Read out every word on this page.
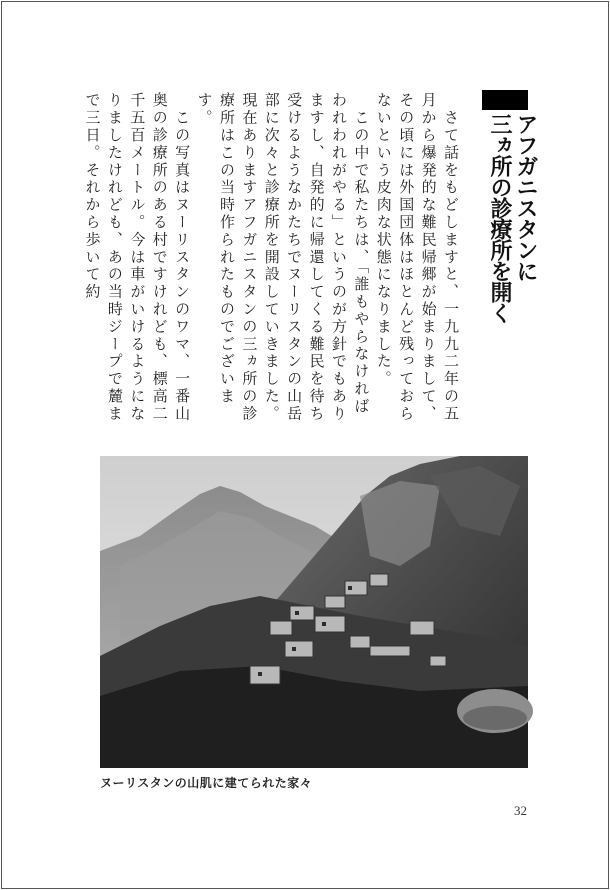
アフガニスタンに
三ヵ所の診療所を開く

　さて話をもどしますと、一九九二年の五月から爆発的な難民帰郷が始まりまして、その頃には外国団体はほとんど残っておらないという皮肉な状態になりました。

　この中で私たちは、「誰もやらなければわれわれがやる」というのが方針でもありますし、自発的に帰還してくる難民を待ち受けるようなかたちでヌーリスタンの山岳部に次々と診療所を開設していきました。現在ありますアフガニスタンの三ヵ所の診療所はこの当時作られたものでございます。

　この写真はヌーリスタンのワマ、一番山奥の診療所のある村ですけれども、標高二千五百メートル。今は車がいけるようになりましたけれども、あの当時ジープで麓まで三日。それから歩いて約

ヌーリスタンの山肌に建てられた家々
32
